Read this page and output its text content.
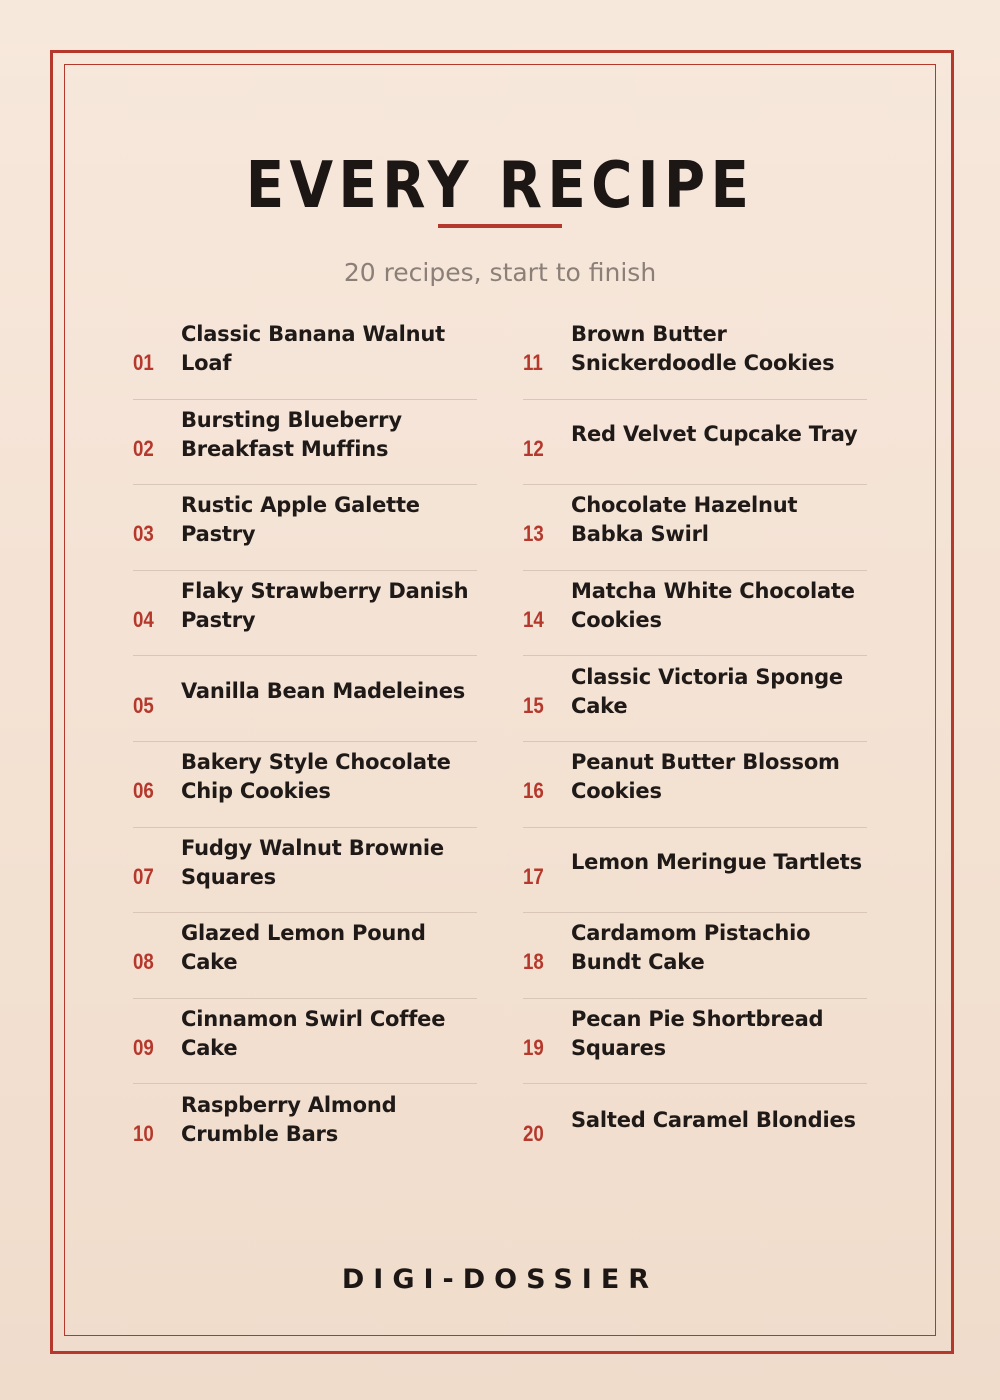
EVERY RECIPE

20 recipes, start to finish

01
Classic Banana Walnut Loaf
02
Bursting Blueberry Breakfast Muffins
03
Rustic Apple Galette Pastry
04
Flaky Strawberry Danish Pastry
05
Vanilla Bean Madeleines
06
Bakery Style Chocolate Chip Cookies
07
Fudgy Walnut Brownie Squares
08
Glazed Lemon Pound Cake
09
Cinnamon Swirl Coffee Cake
10
Raspberry Almond Crumble Bars
11
Brown Butter Snickerdoodle Cookies
12
Red Velvet Cupcake Tray
13
Chocolate Hazelnut Babka Swirl
14
Matcha White Chocolate Cookies
15
Classic Victoria Sponge Cake
16
Peanut Butter Blossom Cookies
17
Lemon Meringue Tartlets
18
Cardamom Pistachio Bundt Cake
19
Pecan Pie Shortbread Squares
20
Salted Caramel Blondies

DIGI-DOSSIER
